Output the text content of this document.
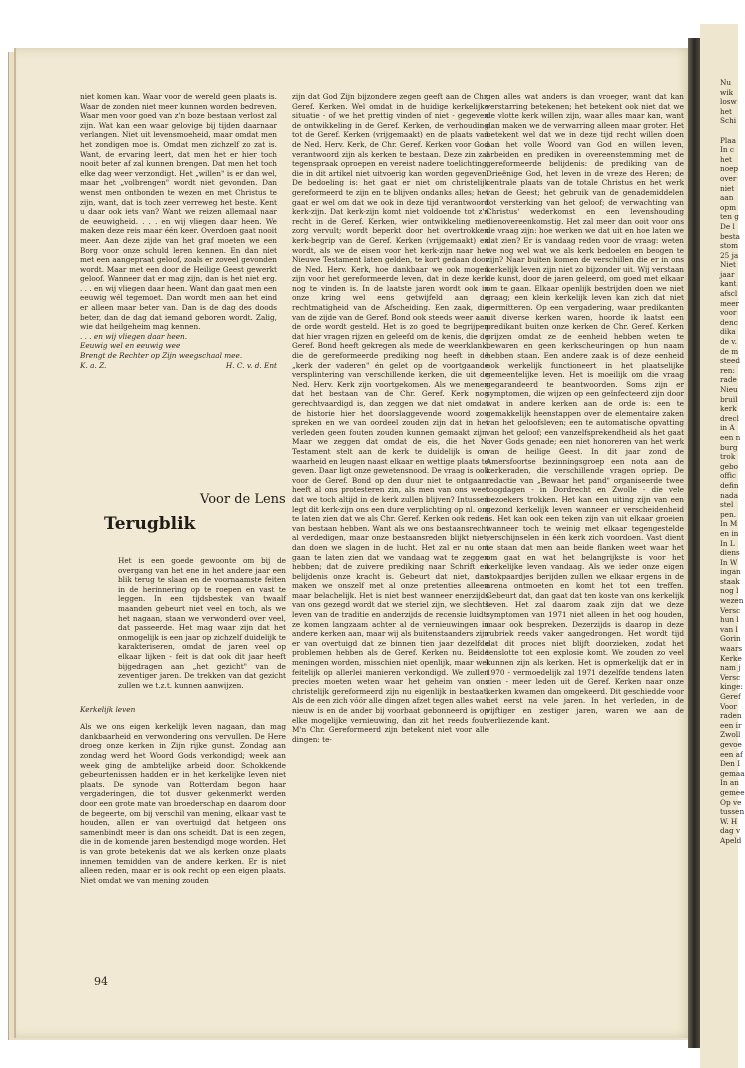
Nu
wik
losw
het
Schi

Plaa
In c
het
noep
over
niet
aan
opm
ten g
De l
besta
stom
25 ja
Niet
jaar
kant
afscl
meer
voor
denc
dika
de v.
de m
steed
ren:
rade
Nieu
bruil
kerk
drecl
in A
een n
burg
trok
gebo
offic
defin
nada
stel
pen.
In M
en in
In L
diens
In W
ingan
staak
nog l
wezen
Versc
hun l
van l
Gorin
waars
Kerke
nam j
Versc
kinge:
Geref
Voor
raden
een ir
Zwoll
gevoe
een af
Den I
gemaa
In an
gemee
Op ve
tussen
W. H
dag v
Apeld

niet komen kan. Waar voor de wereld geen plaats is. Waar de zonden niet meer kunnen worden bedreven. Waar men voor goed van z'n boze bestaan verlost zal zijn. Wat kan een waar gelovige bij tijden daarnaar verlangen. Niet uit levensmoeheid, maar omdat men het zondigen moe is. Omdat men zichzelf zo zat is. Want, de ervaring leert, dat men het er hier toch nooit beter af zal kunnen brengen. Dat men het toch elke dag weer verzondigt. Het „willen" is er dan wel, maar het „volbrengen" wordt niet gevonden. Dan wenst men ontbonden te wezen en met Christus te zijn, want, dat is toch zeer verreweg het beste. Kent u daar ook iets van? Want we reizen allemaal naar de eeuwigheid. . . . en wij vliegen daar heen. We maken deze reis maar één keer. Overdoen gaat nooit meer. Aan deze zijde van het graf moeten we een Borg voor onze schuld leren kennen. En dan niet met een aangepraat geloof, zoals er zoveel gevonden wordt. Maar met een door de Heilige Geest gewerkt geloof. Wanneer dat er mag zijn, dan is het niet erg. . . . en wij vliegen daar heen. Want dan gaat men een eeuwig wél tegemoet. Dan wordt men aan het eind er alleen maar beter van. Dan is de dag des doods beter, dan de dag dat iemand geboren wordt. Zalig, wie dat heilgeheim mag kennen.

. . . en wij vliegen daar heen.

Eeuwig wel en eeuwig wee

Brengt de Rechter op Zijn weegschaal mee.

K. a. Z.	H. C. v. d. Ent
Voor de Lens
Terugblik
Het is een goede gewoonte om bij de overgang van het ene in het andere jaar een blik terug te slaan en de voornaamste feiten in de herinnering op te roepen en vast te leggen. In een tijdsbestek van twaalf maanden gebeurt niet veel en toch, als we het nagaan, staan we verwonderd over veel, dat passeerde. Het mag waar zijn dat het onmogelijk is een jaar op zichzelf duidelijk te karakteriseren, omdat de jaren veel op elkaar lijken - feit is dat ook dit jaar heeft bijgedragen aan „het gezicht" van de zeventiger jaren. De trekken van dat gezicht zullen we t.z.t. kunnen aanwijzen.

Kerkelijk leven

Als we ons eigen kerkelijk leven nagaan, dan mag dankbaarheid en verwondering ons vervullen. De Here droeg onze kerken in Zijn rijke gunst. Zondag aan zondag werd het Woord Gods verkondigd; week aan week ging de ambtelijke arbeid door. Schokkende gebeurtenissen hadden er in het kerkelijke leven niet plaats. De synode van Rotterdam begon haar vergaderingen, die tot dusver gekenmerkt werden door een grote mate van broederschap en daarom door de begeerte, om bij verschil van mening, elkaar vast te houden, allen er van overtuigd dat hetgeen ons samenbindt meer is dan ons scheidt. Dat is een zegen, die in de komende jaren bestendigd moge worden. Het is van grote betekenis dat we als kerken onze plaats innemen temidden van de andere kerken. Er is niet alleen reden, maar er is ook recht op een eigen plaats. Niet omdat we van mening zouden

zijn dat God Zijn bijzondere zegen geeft aan de Chr. Geref. Kerken. Wel omdat in de huidige kerkelijke situatie - of we het prettig vinden of niet - gegeven de ontwikkeling in de Geref. Kerken, de verhouding tot de Geref. Kerken (vrijgemaakt) en de plaats van de Ned. Herv. Kerk, de Chr. Geref. Kerken voor God verantwoord zijn als kerken te bestaan. Deze zin zal tegenspraak oproepen en vereist nadere toelichting, die in dit artikel niet uitvoerig kan worden gegeven. De bedoeling is: het gaat er niet om christelijk gereformeerd te zijn en te blijven ondanks alles; het gaat er wel om dat we ook in deze tijd verantwoord kerk-zijn. Dat kerk-zijn komt niet voldoende tot z'n recht in de Geref. Kerken, wier ontwikkeling met zorg vervult; wordt beperkt door het overtrokken kerk-begrip van de Geref. Kerken (vrijgemaakt) en wordt, als we de eisen voor het kerk-zijn naar het Nieuwe Testament laten gelden, te kort gedaan door de Ned. Herv. Kerk, hoe dankbaar we ook mogen zijn voor het gereformeerde leven, dat in deze kerk nog te vinden is. In de laatste jaren wordt ook in onze kring wel eens getwijfeld aan de rechtmatigheid van de Afscheiding. Een zaak, die van de zijde van de Geref. Bond ook steeds weer aan de orde wordt gesteld. Het is zo goed te begrijpen dat hier vragen rijzen en geleefd om de kenis, die de Geref. Bond heeft gekregen als mede de weerklank, die de gereformeerde prediking nog heeft in de „kerk der vaderen" én gelet op de voortgaande versplintering van verschillende kerken, die uit de Ned. Herv. Kerk zijn voortgekomen. Als we menen dat het bestaan van de Chr. Geref. Kerk nog gerechtvaardigd is, dan zeggen we dat niet omdat de historie hier het doorslaggevende woord zou spreken en we van oordeel zouden zijn dat in het verleden geen fouten zouden kunnen gemaakt zijn. Maar we zeggen dat omdat de eis, die het N. Testament stelt aan de kerk te duidelijk is om waarheid en leugen naast elkaar en wettige plaats te geven. Daar ligt onze gewetensnood. De vraag is ook voor de Geref. Bond op den duur niet te ontgaan: heeft al ons protesteren zin, als men van ons weet dat we toch altijd in de kerk zullen blijven? Intussen legt dit kerk-zijn ons een dure verplichting op nl. om te laten zien dat we als Chr. Geref. Kerken ook reden van bestaan hebben. Want als we ons bestaansrecht al verdedigen, maar onze bestaansreden blijkt niet, dan doen we slagen in de lucht. Het zal er nu om gaan te laten zien dat we vandaag wat te zeggen hebben; dat de zuivere prediking naar Schrift en belijdenis onze kracht is. Gebeurt dat niet, dan maken we onszelf met al onze pretenties alleen maar belachelijk. Het is niet best wanneer enerzijds van ons gezegd wordt dat we steriel zijn, we slechts leven van de traditie en anderzijds de recensie luidt: ze komen langzaam achter al de vernieuwingen in andere kerken aan, maar wij als buitenstaanders zijn er van overtuigd dat ze binnen tien jaar dezelfde problemen hebben als de Geref. Kerken nu. Beide meningen worden, misschien niet openlijk, maar wel feitelijk op allerlei manieren verkondigd. We zullen precies moeten weten waar het geheim van ons christelijk gereformeerd zijn nu eigenlijk in bestaat. Als de een zich vóór alle dingen afzet tegen alles wat nieuw is en de ander bij voorbaat gebonneerd is op elke mogelijke vernieuwing, dan zit het reeds fout. M'n Chr. Gereformeerd zijn betekent niet voor alle dingen: te-

gen alles wat anders is dan vroeger, want dat kan verstarring betekenen; het betekent ook niet dat we de vlotte kerk willen zijn, waar alles maar kan, want dan maken we de verwarring alleen maar groter. Het betekent wel dat we in deze tijd recht willen doen aan het volle Woord van God en willen leven, arbeiden en prediken in overeenstemming met de gereformeerde belijdenis: de prediking van de Drieënige God, het leven in de vreze des Heren; de centrale plaats van de totale Christus en het werk van de Geest; het gebruik van de genademiddelen tot versterking van het geloof; de verwachting van Christus' wederkomst en een levenshouding dienovereenkomstig. Het zal meer dan ooit voor ons de vraag zijn: hoe werken we dat uit en hoe laten we dat zien? Er is vandaag reden voor de vraag: weten we nog wel wat we als kerk bedoelen en beogen te zijn? Naar buiten komen de verschillen die er in ons kerkelijk leven zijn niet zo bijzonder uit. Wij verstaan de kunst, door de jaren geleerd, om goed met elkaar om te gaan. Elkaar openlijk bestrijden doen we niet graag; een klein kerkelijk leven kan zich dat niet permitteren. Op een vergadering, waar predikanten uit diverse kerken waren, hoorde ik laatst een predikant buiten onze kerken de Chr. Geref. Kerken prijzen omdat ze de eenheid hebben weten te bewaren en geen kerkscheuringen op hun naam hebben staan. Een andere zaak is of deze eenheid ook werkelijk functioneert in het plaatselijke gemeentelijke leven. Het is moeilijk om die vraag gegarandeerd te beantwoorden. Soms zijn er symptomen, die wijzen op een geïnfecteerd zijn door wat in andere kerken aan de orde is: een te gemakkelijk heenstappen over de elementaire zaken van het geloofsleven; een te automatische opvatting van het geloof; een vanzelfsprekendheid als het gaat over Gods genade; een niet honoreren van het werk van de heilige Geest. In dit jaar zond de Amersfoortse bezinningsgroep een nota aan de kerkeraden, die verschillende vragen opriep. De redactie van „Bewaar het pand" organiseerde twee toogdagen - in Dordrecht en Zwolle - die vele bezoekers trokken. Het kan een uiting zijn van een gezond kerkelijk leven wanneer er verscheidenheid is. Het kan ook een teken zijn van uit elkaar groeien wanneer toch te weinig met elkaar tegengestelde verschijnselen in één kerk zich voordoen. Vast dient te staan dat men aan beide flanken weet waar het om gaat en wat het belangrijkste is voor het kerkelijke leven vandaag. Als we ieder onze eigen stokpaardjes berijden zullen we elkaar ergens in de arena ontmoeten en komt het tot een treffen. Gebeurt dat, dan gaat dat ten koste van ons kerkelijk leven. Het zal daarom zaak zijn dat we deze symptomen van 1971 niet alleen in het oog houden, maar ook bespreken. Dezerzijds is daarop in deze rubriek reeds vaker aangedrongen. Het wordt tijd dat dit proces niet blijft doorzieken, zodat het tenslotte tot een explosie komt. We zouden zo veel kunnen zijn als kerken. Het is opmerkelijk dat er in 1970 - vermoedelijk zal 1971 dezelfde tendens laten zien - meer leden uit de Geref. Kerken naar onze kerken kwamen dan omgekeerd. Dit geschiedde voor het eerst na vele jaren. In het verleden, in de vijftiger en zestiger jaren, waren we aan de verliezende kant.

94
